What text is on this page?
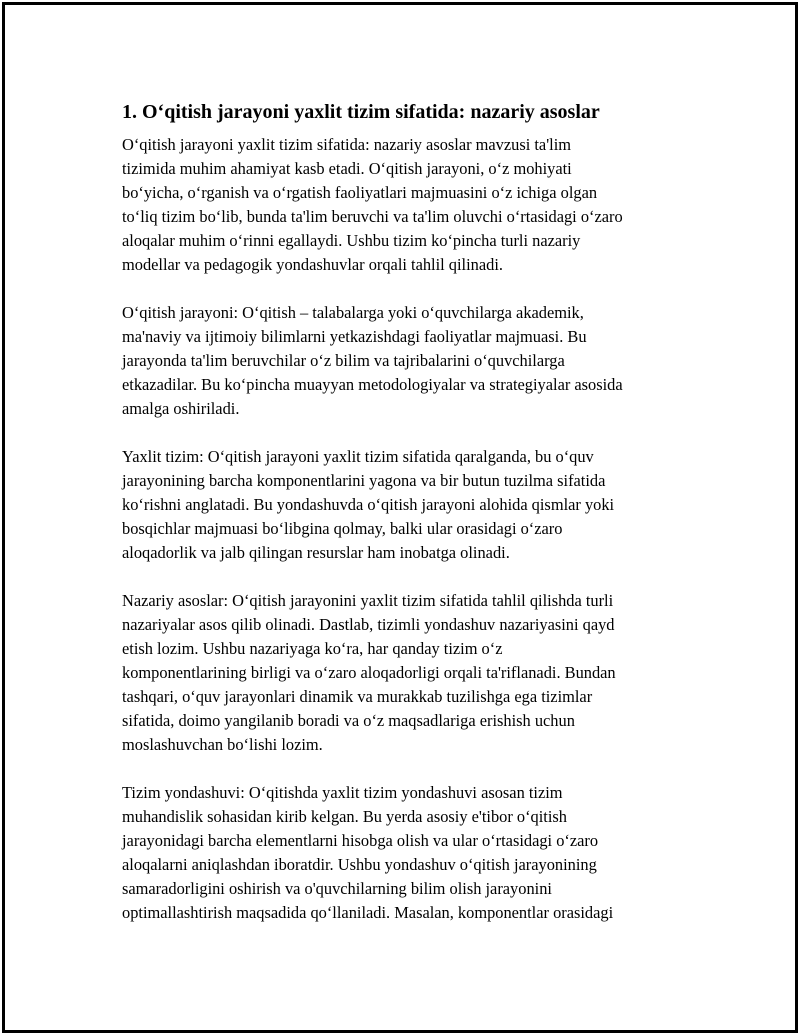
1. Oʻqitish jarayoni yaxlit tizim sifatida: nazariy asoslar

Oʻqitish jarayoni yaxlit tizim sifatida: nazariy asoslar mavzusi ta'lim
tizimida muhim ahamiyat kasb etadi. Oʻqitish jarayoni, oʻz mohiyati
boʻyicha, oʻrganish va oʻrgatish faoliyatlari majmuasini oʻz ichiga olgan
toʻliq tizim boʻlib, bunda ta'lim beruvchi va ta'lim oluvchi oʻrtasidagi oʻzaro
aloqalar muhim oʻrinni egallaydi. Ushbu tizim koʻpincha turli nazariy
modellar va pedagogik yondashuvlar orqali tahlil qilinadi.

Oʻqitish jarayoni: Oʻqitish – talabalarga yoki oʻquvchilarga akademik,
ma'naviy va ijtimoiy bilimlarni yetkazishdagi faoliyatlar majmuasi. Bu
jarayonda ta'lim beruvchilar oʻz bilim va tajribalarini oʻquvchilarga
etkazadilar. Bu koʻpincha muayyan metodologiyalar va strategiyalar asosida
amalga oshiriladi.

Yaxlit tizim: Oʻqitish jarayoni yaxlit tizim sifatida qaralganda, bu oʻquv
jarayonining barcha komponentlarini yagona va bir butun tuzilma sifatida
koʻrishni anglatadi. Bu yondashuvda oʻqitish jarayoni alohida qismlar yoki
bosqichlar majmuasi boʻlibgina qolmay, balki ular orasidagi oʻzaro
aloqadorlik va jalb qilingan resurslar ham inobatga olinadi.

Nazariy asoslar: Oʻqitish jarayonini yaxlit tizim sifatida tahlil qilishda turli
nazariyalar asos qilib olinadi. Dastlab, tizimli yondashuv nazariyasini qayd
etish lozim. Ushbu nazariyaga koʻra, har qanday tizim oʻz
komponentlarining birligi va oʻzaro aloqadorligi orqali ta'riflanadi. Bundan
tashqari, oʻquv jarayonlari dinamik va murakkab tuzilishga ega tizimlar
sifatida, doimo yangilanib boradi va oʻz maqsadlariga erishish uchun
moslashuvchan boʻlishi lozim.

Tizim yondashuvi: Oʻqitishda yaxlit tizim yondashuvi asosan tizim
muhandislik sohasidan kirib kelgan. Bu yerda asosiy e'tibor oʻqitish
jarayonidagi barcha elementlarni hisobga olish va ular oʻrtasidagi oʻzaro
aloqalarni aniqlashdan iboratdir. Ushbu yondashuv oʻqitish jarayonining
samaradorligini oshirish va o'quvchilarning bilim olish jarayonini
optimallashtirish maqsadida qoʻllaniladi. Masalan, komponentlar orasidagi
